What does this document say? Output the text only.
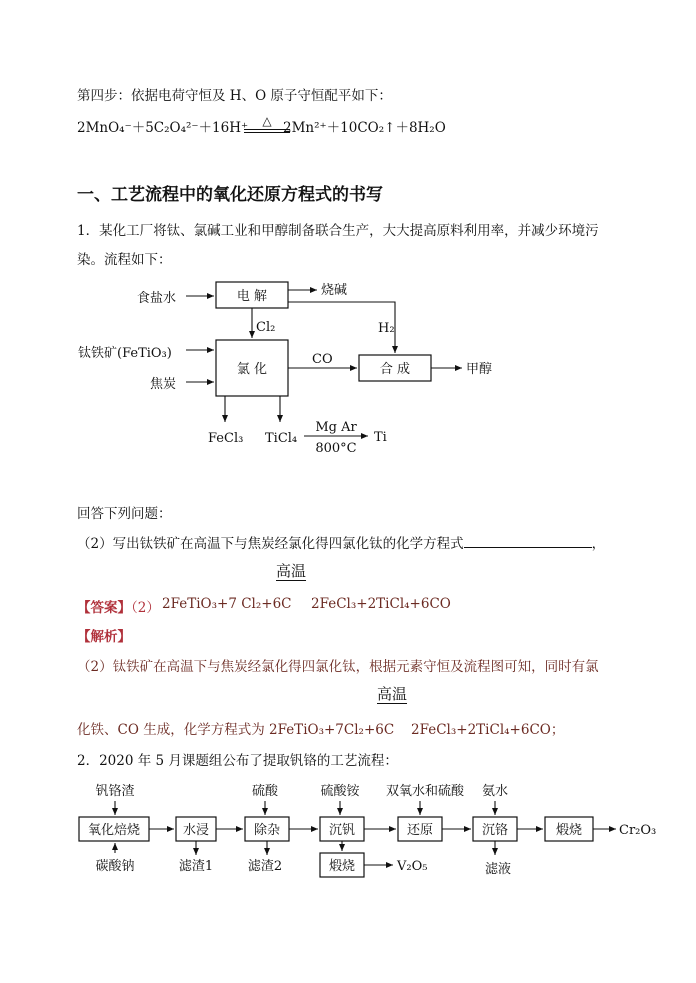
第四步：依据电荷守恒及 H、O 原子守恒配平如下：
2MnO₄⁻＋5C₂O₄²⁻＋16H⁺	△ 2Mn²⁺＋10CO₂↑＋8H₂O
一、工艺流程中的氧化还原方程式的书写
1．某化工厂将钛、氯碱工业和甲醇制备联合生产，大大提高原料利用率，并减少环境污
染。流程如下：
电 解
氯 化	合 成
食盐水
钛铁矿(FeTiO₃)
焦炭
烧碱
Cl₂	H₂
CO
甲醇
FeCl₃ TiCl₄
Mg Ar
800°C
Ti
回答下列问题：
（2）写出钛铁矿在高温下与焦炭经氯化得四氯化钛的化学方程式	，
高温
【答案】（2） 2FeTiO₃+7 Cl₂+6C 2FeCl₃+2TiCl₄+6CO
【解析】
（2）钛铁矿在高温下与焦炭经氯化得四氯化钛，根据元素守恒及流程图可知，同时有氯
高温
化铁、CO 生成，化学方程式为 2FeTiO₃+7Cl₂+6C 2FeCl₃+2TiCl₄+6CO；
2．2020 年 5 月课题组公布了提取钒铬的工艺流程：
钒铬渣	硫酸	硫酸铵 双氧水和硫酸 氨水
氧化焙烧	水浸	除杂	沉钒	还原	沉铬	煅烧
煅烧
Cr₂O₃
碳酸钠	滤渣1	滤渣2	V₂O₅	滤液
